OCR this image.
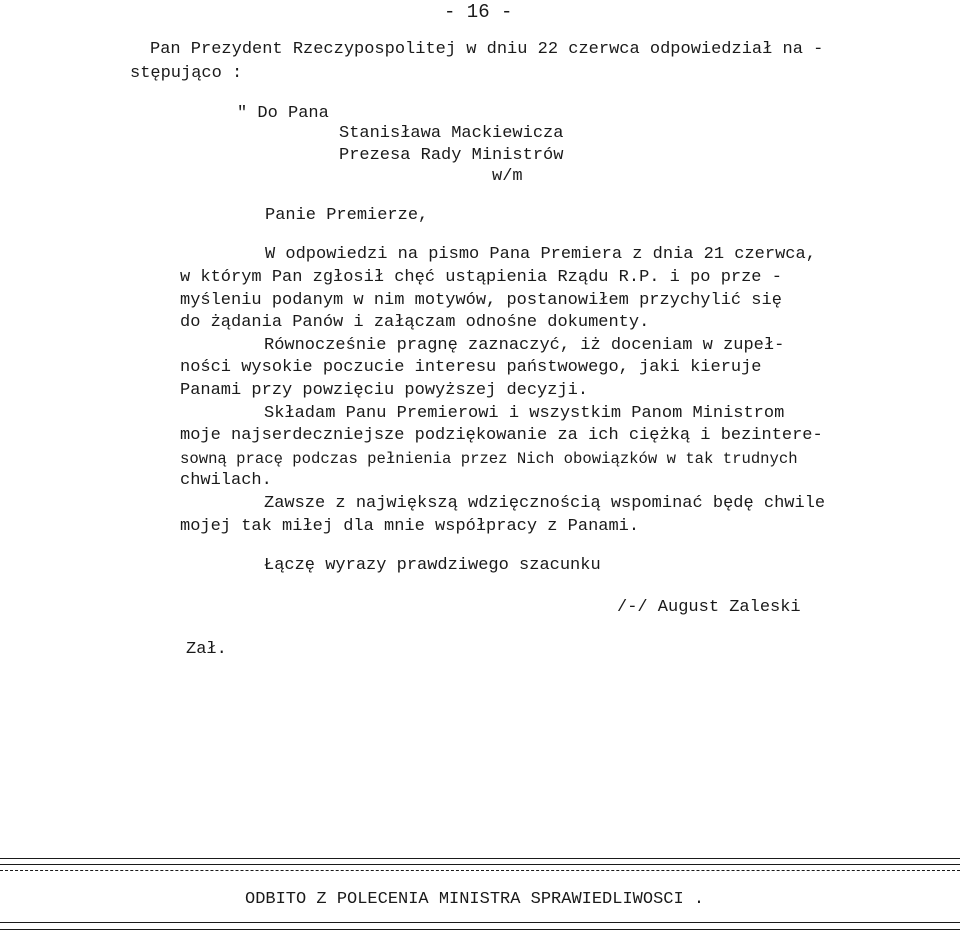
- 16 -
Pan Prezydent Rzeczypospolitej w dniu 22 czerwca odpowiedział na -
stępująco :
" Do Pana
Stanisława Mackiewicza
Prezesa Rady Ministrów
w/m
Panie Premierze,
W odpowiedzi na pismo Pana Premiera z dnia 21 czerwca,
w którym Pan zgłosił chęć ustąpienia Rządu R.P. i po prze -
myśleniu podanym w nim motywów, postanowiłem przychylić się
do żądania Panów i załączam odnośne dokumenty.
Równocześnie pragnę zaznaczyć, iż doceniam w zupeł-
ności wysokie poczucie interesu państwowego, jaki kieruje
Panami przy powzięciu powyższej decyzji.
Składam Panu Premierowi i wszystkim Panom Ministrom
moje najserdeczniejsze podziękowanie za ich ciężką i bezintere-
sowną pracę podczas pełnienia przez Nich obowiązków w tak trudnych
chwilach.
Zawsze z największą wdzięcznością wspominać będę chwile
mojej tak miłej dla mnie współpracy z Panami.
Łączę wyrazy prawdziwego szacunku
/-/ August Zaleski
Zał.
ODBITO Z POLECENIA MINISTRA SPRAWIEDLIWOSCI .
